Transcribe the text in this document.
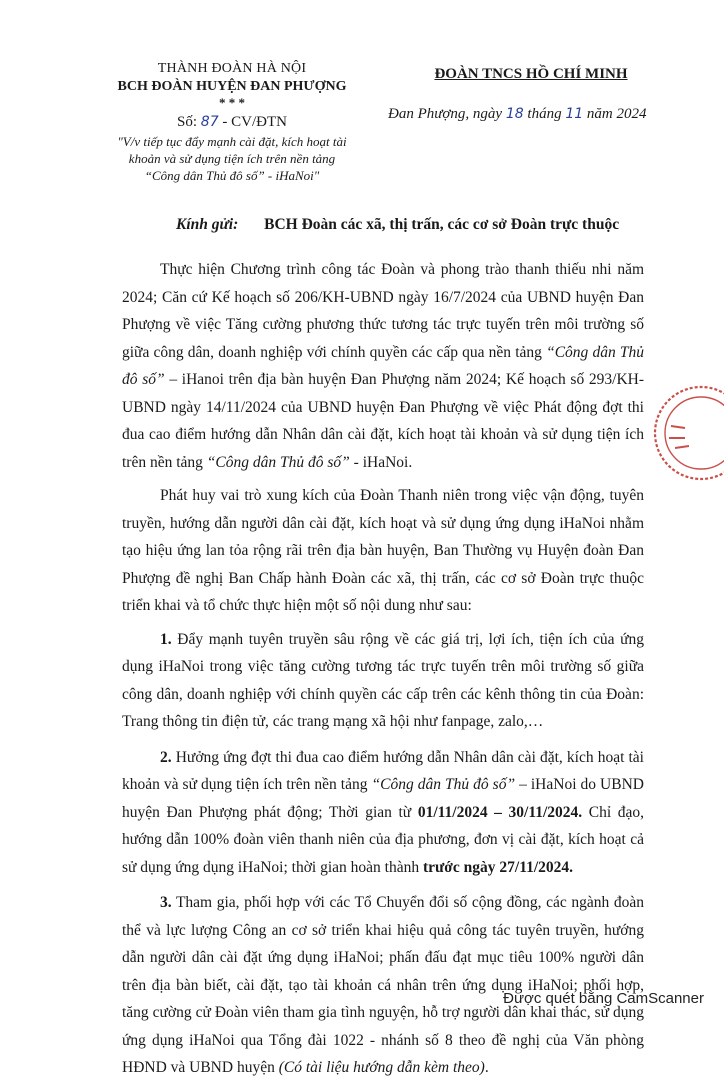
THÀNH ĐOÀN HÀ NỘI
BCH ĐOÀN HUYỆN ĐAN PHƯỢNG
* * *
Số: 87 - CV/ĐTN
"V/v tiếp tục đẩy mạnh cài đặt, kích hoạt tài
khoản và sử dụng tiện ích trên nền tảng
“Công dân Thủ đô số” - iHaNoi"
ĐOÀN TNCS HỒ CHÍ MINH
Đan Phượng, ngày 18 tháng 11 năm 2024
Kính gửi: BCH Đoàn các xã, thị trấn, các cơ sở Đoàn trực thuộc

Thực hiện Chương trình công tác Đoàn và phong trào thanh thiếu nhi năm 2024; Căn cứ Kế hoạch số 206/KH-UBND ngày 16/7/2024 của UBND huyện Đan Phượng về việc Tăng cường phương thức tương tác trực tuyến trên môi trường số giữa công dân, doanh nghiệp với chính quyền các cấp qua nền tảng “Công dân Thủ đô số” – iHanoi trên địa bàn huyện Đan Phượng năm 2024; Kế hoạch số 293/KH-UBND ngày 14/11/2024 của UBND huyện Đan Phượng về việc Phát động đợt thi đua cao điểm hướng dẫn Nhân dân cài đặt, kích hoạt tài khoản và sử dụng tiện ích trên nền tảng “Công dân Thủ đô số” - iHaNoi.

Phát huy vai trò xung kích của Đoàn Thanh niên trong việc vận động, tuyên truyền, hướng dẫn người dân cài đặt, kích hoạt và sử dụng ứng dụng iHaNoi nhằm tạo hiệu ứng lan tỏa rộng rãi trên địa bàn huyện, Ban Thường vụ Huyện đoàn Đan Phượng đề nghị Ban Chấp hành Đoàn các xã, thị trấn, các cơ sở Đoàn trực thuộc triển khai và tổ chức thực hiện một số nội dung như sau:

1. Đẩy mạnh tuyên truyền sâu rộng về các giá trị, lợi ích, tiện ích của ứng dụng iHaNoi trong việc tăng cường tương tác trực tuyến trên môi trường số giữa công dân, doanh nghiệp với chính quyền các cấp trên các kênh thông tin của Đoàn: Trang thông tin điện tử, các trang mạng xã hội như fanpage, zalo,…

2. Hưởng ứng đợt thi đua cao điểm hướng dẫn Nhân dân cài đặt, kích hoạt tài khoản và sử dụng tiện ích trên nền tảng “Công dân Thủ đô số” – iHaNoi do UBND huyện Đan Phượng phát động; Thời gian từ 01/11/2024 – 30/11/2024. Chỉ đạo, hướng dẫn 100% đoàn viên thanh niên của địa phương, đơn vị cài đặt, kích hoạt cả sử dụng ứng dụng iHaNoi; thời gian hoàn thành trước ngày 27/11/2024.

3. Tham gia, phối hợp với các Tổ Chuyển đổi số cộng đồng, các ngành đoàn thể và lực lượng Công an cơ sở triển khai hiệu quả công tác tuyên truyền, hướng dẫn người dân cài đặt ứng dụng iHaNoi; phấn đấu đạt mục tiêu 100% người dân trên địa bàn biết, cài đặt, tạo tài khoản cá nhân trên ứng dụng iHaNoi; phối hợp, tăng cường cử Đoàn viên tham gia tình nguyện, hỗ trợ người dân khai thác, sử dụng ứng dụng iHaNoi qua Tổng đài 1022 - nhánh số 8 theo đề nghị của Văn phòng HĐND và UBND huyện (Có tài liệu hướng dẫn kèm theo).

Được quét bằng CamScanner
